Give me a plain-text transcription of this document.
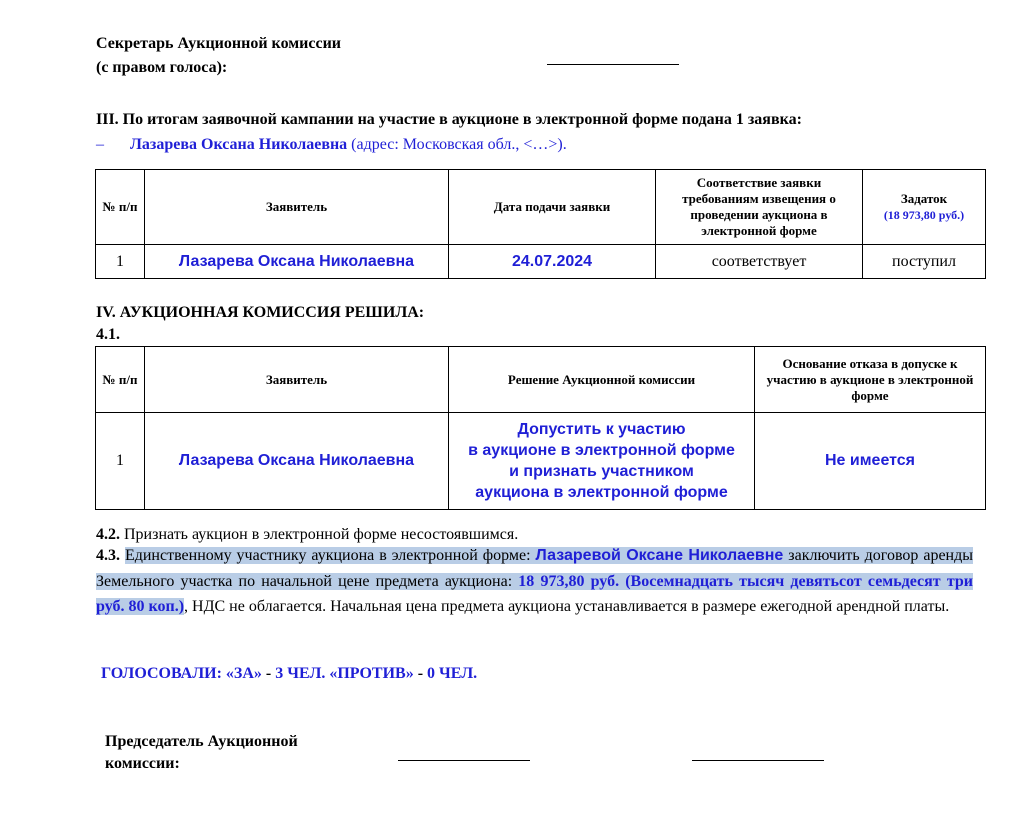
Секретарь Аукционной комиссии
(с правом голоса):
III. По итогам заявочной кампании на участие в аукционе в электронной форме подана 1 заявка:
– Лазарева Оксана Николаевна (адрес: Московская обл., <…>).
№ п/п	Заявитель	Дата подачи заявки	Соответствие заявки требованиям извещения о проведении аукциона в электронной форме	Задаток
(18 973,80 руб.)

1	Лазарева Оксана Николаевна	24.07.2024	соответствует	поступил
IV. АУКЦИОННАЯ КОМИССИЯ РЕШИЛА:
4.1.
№ п/п	Заявитель	Решение Аукционной комиссии	Основание отказа в допуске к участию в аукционе в электронной форме
1	Лазарева Оксана Николаевна	Допустить к участию
в аукционе в электронной форме
и признать участником
аукциона в электронной форме	Не имеется
4.2. Признать аукцион в электронной форме несостоявшимся.
4.3. Единственному участнику аукциона в электронной форме: Лазаревой Оксане Николаевне заключить договор аренды Земельного участка по начальной цене предмета аукциона: 18 973,80 руб. (Восемнадцать тысяч девятьсот семьдесят три руб. 80 коп.), НДС не облагается. Начальная цена предмета аукциона устанавливается в размере ежегодной арендной платы.
ГОЛОСОВАЛИ: «ЗА» - 3 ЧЕЛ. «ПРОТИВ» - 0 ЧЕЛ.
Председатель Аукционной
комиссии:
